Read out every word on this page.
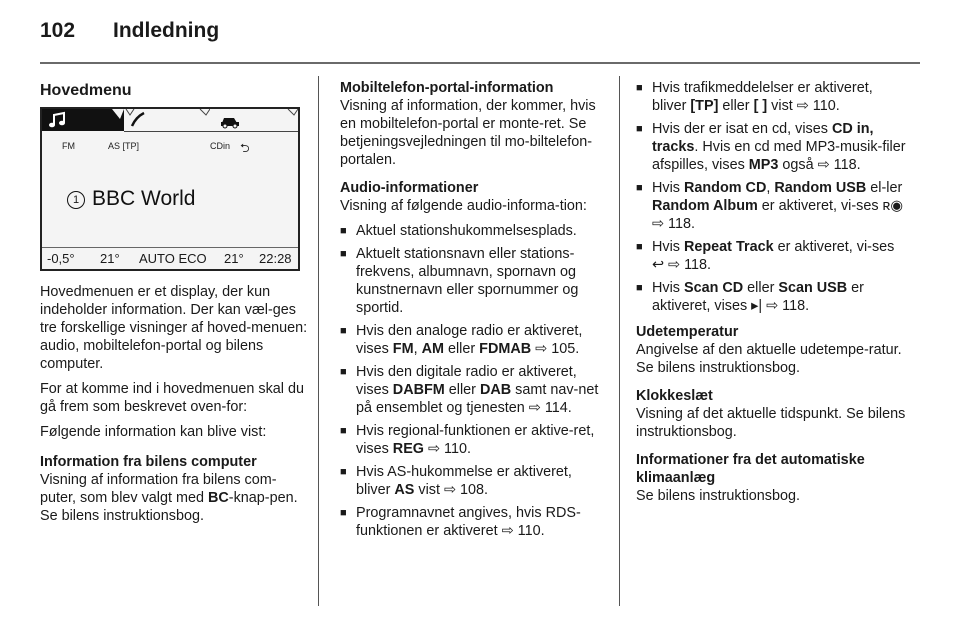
102 Indledning
Hovedmenu
FM	AS [TP]	CDin ⮌
1 BBC World
-0,5° 21° AUTO ECO 21° 22:28

Hovedmenuen er et display, der kun indeholder information. Der kan væl-ges tre forskellige visninger af hoved-menuen: audio, mobiltelefon-portal og bilens computer.

For at komme ind i hovedmenuen skal du gå frem som beskrevet oven-for:

Følgende information kan blive vist:

Information fra bilens computer

Visning af information fra bilens com-puter, som blev valgt med BC-knap-pen. Se bilens instruktionsbog.

Mobiltelefon-portal-information

Visning af information, der kommer, hvis en mobiltelefon-portal er monte-ret. Se betjeningsvejledningen til mo-biltelefon-portalen.

Audio-informationer

Visning af følgende audio-informa-tion:

■ Aktuel stationshukommelsesplads.
■ Aktuelt stationsnavn eller stations-frekvens, albumnavn, spornavn og kunstnernavn eller spornummer og sportid.
■ Hvis den analoge radio er aktiveret, vises FM, AM eller FDMAB ⇨ 105.
■ Hvis den digitale radio er aktiveret, vises DABFM eller DAB samt nav-net på ensemblet og tjenesten ⇨ 114.
■ Hvis regional-funktionen er aktive-ret, vises REG ⇨ 110.
■ Hvis AS-hukommelse er aktiveret, bliver AS vist ⇨ 108.
■ Programnavnet angives, hvis RDS-funktionen er aktiveret ⇨ 110.
■ Hvis trafikmeddelelser er aktiveret, bliver [TP] eller [ ] vist ⇨ 110.
■ Hvis der er isat en cd, vises CD in, tracks. Hvis en cd med MP3-musik-filer afspilles, vises MP3 også ⇨ 118.
■ Hvis Random CD, Random USB el-ler Random Album er aktiveret, vi-ses ʀ◉ ⇨ 118.
■ Hvis Repeat Track er aktiveret, vi-ses ↩ ⇨ 118.
■ Hvis Scan CD eller Scan USB er aktiveret, vises ▸| ⇨ 118.

Udetemperatur

Angivelse af den aktuelle udetempe-ratur. Se bilens instruktionsbog.

Klokkeslæt

Visning af det aktuelle tidspunkt. Se bilens instruktionsbog.

Informationer fra det automatiske klimaanlæg

Se bilens instruktionsbog.
